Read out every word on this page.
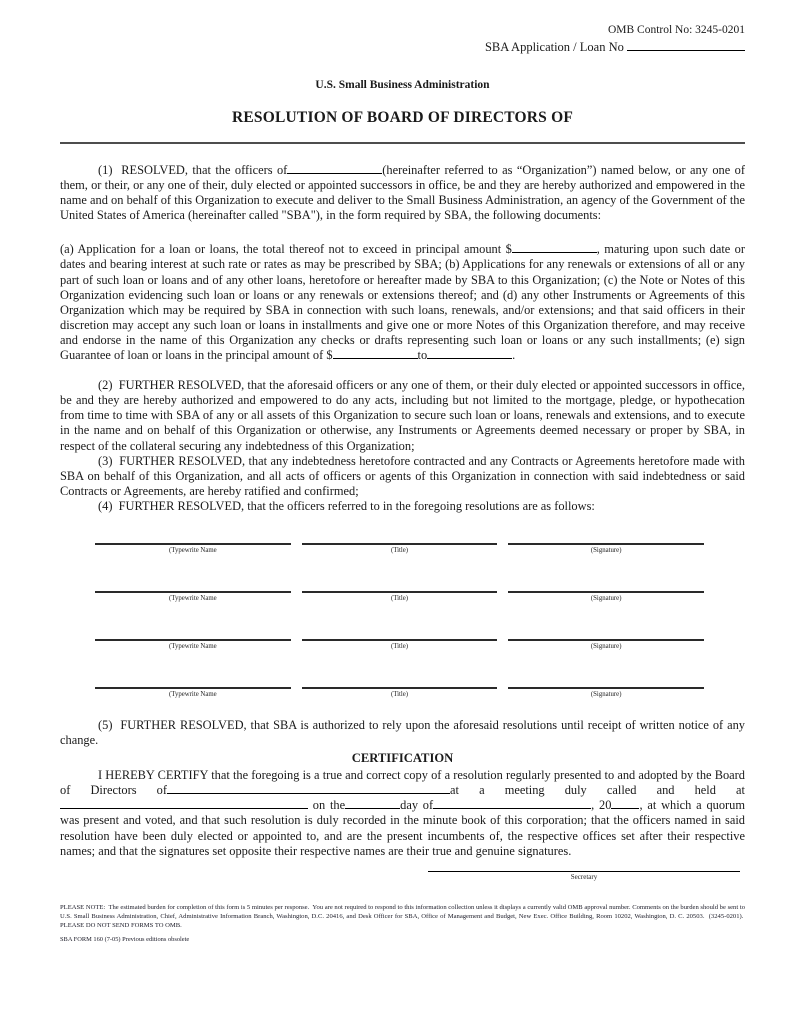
OMB Control No: 3245-0201
SBA Application / Loan No
U.S. Small Business Administration
RESOLUTION OF BOARD OF DIRECTORS OF

(1)  RESOLVED, that the officers of	(hereinafter referred to as “Organization”) named below, or any one of them, or their, or any one of their, duly elected or appointed successors in office, be and they are hereby authorized and empowered in the name and on behalf of this Organization to execute and deliver to the Small Business Administration, an agency of the Government of the United States of America (hereinafter called "SBA"), in the form required by SBA, the following documents:

(a) Application for a loan or loans, the total thereof not to exceed in principal amount $	, maturing upon such date or dates and bearing interest at such rate or rates as may be prescribed by SBA; (b) Applications for any renewals or extensions of all or any part of such loan or loans and of any other loans, heretofore or hereafter made by SBA to this Organization; (c) the Note or Notes of this Organization evidencing such loan or loans or any renewals or extensions thereof; and (d) any other Instruments or Agreements of this Organization which may be required by SBA in connection with such loans, renewals, and/or extensions; and that said officers in their discretion may accept any such loan or loans in installments and give one or more Notes of this Organization therefore, and may receive and endorse in the name of this Organization any checks or drafts representing such loan or loans or any such installments; (e) sign Guarantee of loan or loans in the principal amount of $	to	.

(2)  FURTHER RESOLVED, that the aforesaid officers or any one of them, or their duly elected or appointed successors in office, be and they are hereby authorized and empowered to do any acts, including but not limited to the mortgage, pledge, or hypothecation from time to time with SBA of any or all assets of this Organization to secure such loan or loans, renewals and extensions, and to execute in the name and on behalf of this Organization or otherwise, any Instruments or Agreements deemed necessary or proper by SBA, in respect of the collateral securing any indebtedness of this Organization;

(3)  FURTHER RESOLVED, that any indebtedness heretofore contracted and any Contracts or Agreements heretofore made with SBA on behalf of this Organization, and all acts of officers or agents of this Organization in connection with said indebtedness or said Contracts or Agreements, are hereby ratified and confirmed;

(4)  FURTHER RESOLVED, that the officers referred to in the foregoing resolutions are as follows:

(Typewrite Name	(Title)	(Signature)
(Typewrite Name	(Title)	(Signature)
(Typewrite Name	(Title)	(Signature)
(Typewrite Name	(Title)	(Signature)

(5)  FURTHER RESOLVED, that SBA is authorized to rely upon the aforesaid resolutions until receipt of written notice of any change.

CERTIFICATION

I HEREBY CERTIFY that the foregoing is a true and correct copy of a resolution regularly presented to and adopted by the Board of Directors of	at a meeting duly called and held at  on the	day of	, 20 , at which a quorum was present and voted, and that such resolution is duly recorded in the minute book of this corporation; that the officers named in said resolution have been duly elected or appointed to, and are the present incumbents of, the respective offices set after their respective names; and that the signatures set opposite their respective names are their true and genuine signatures.

Secretary

PLEASE NOTE:  The estimated burden for completion of this form is 5 minutes per response.  You are not required to respond to this information collection unless it displays a currently valid OMB approval number. Comments on the burden should be sent to U.S. Small Business Administration, Chief, Administrative Information Branch, Washington, D.C. 20416, and Desk Officer for SBA, Office of Management and Budget, New Exec. Office Building, Room 10202, Washington, D. C. 20503.  (3245-0201).  PLEASE DO NOT SEND FORMS TO OMB.

SBA FORM 160 (7-05) Previous editions obsolete
